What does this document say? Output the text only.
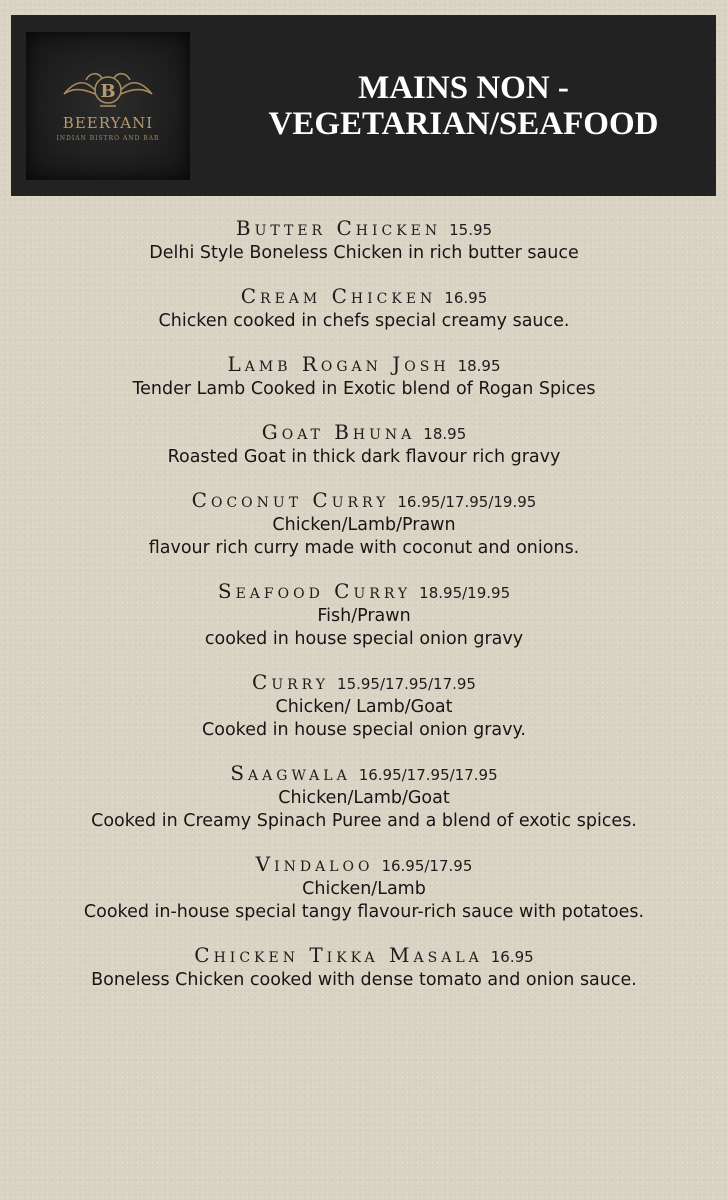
B
BEERYANI
INDIAN BISTRO AND BAR
MAINS NON -
VEGETARIAN/SEAFOOD
Butter Chicken 15.95
Delhi Style Boneless Chicken in rich butter sauce
Cream Chicken 16.95
Chicken cooked in chefs special creamy sauce.
Lamb Rogan Josh 18.95
Tender Lamb Cooked in Exotic blend of Rogan Spices
Goat Bhuna 18.95
Roasted Goat in thick dark flavour rich gravy
Coconut Curry 16.95/17.95/19.95
Chicken/Lamb/Prawn
flavour rich curry made with coconut and onions.
Seafood Curry 18.95/19.95
Fish/Prawn
cooked in house special onion gravy
Curry 15.95/17.95/17.95
Chicken/ Lamb/Goat
Cooked in house special onion gravy.
Saagwala 16.95/17.95/17.95
Chicken/Lamb/Goat
Cooked in Creamy Spinach Puree and a blend of exotic spices.
Vindaloo 16.95/17.95
Chicken/Lamb
Cooked in-house special tangy flavour-rich sauce with potatoes.
Chicken Tikka Masala 16.95
Boneless Chicken cooked with dense tomato and onion sauce.
